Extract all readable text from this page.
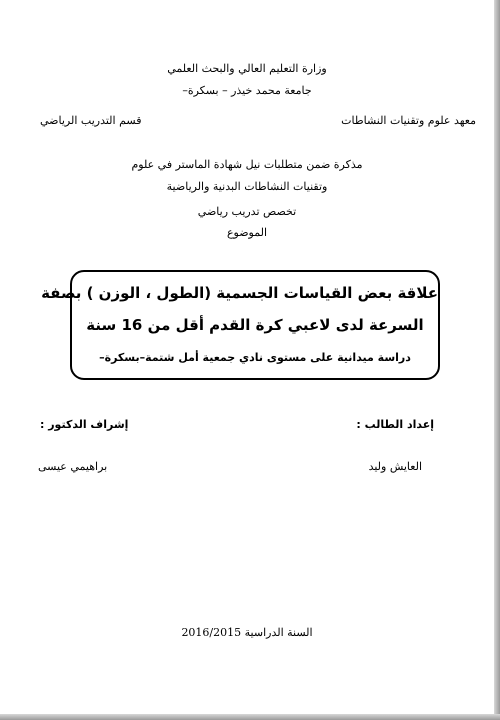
وزارة التعليم العالي والبحث العلمي
جامعة محمد خيذر – بسكرة–
معهد علوم وتقنيات النشاطات
قسم التدريب الرياضي
مذكرة ضمن متطلبات نيل شهادة الماستر في علوم
وتقنيات النشاطات البدنية والرياضية
تخصص تدريب رياضي
الموضوع
علاقة بعض القياسات الجسمية (الطول ، الوزن ) بصفة
السرعة لدى لاعبي كرة القدم أقل من 16 سنة
دراسة ميدانية على مستوى نادي جمعية أمل شتمة–بسكرة–
إعداد الطالب :
إشراف الدكتور :
العايش وليد
براهيمي عيسى
السنة الدراسية 2016/2015
